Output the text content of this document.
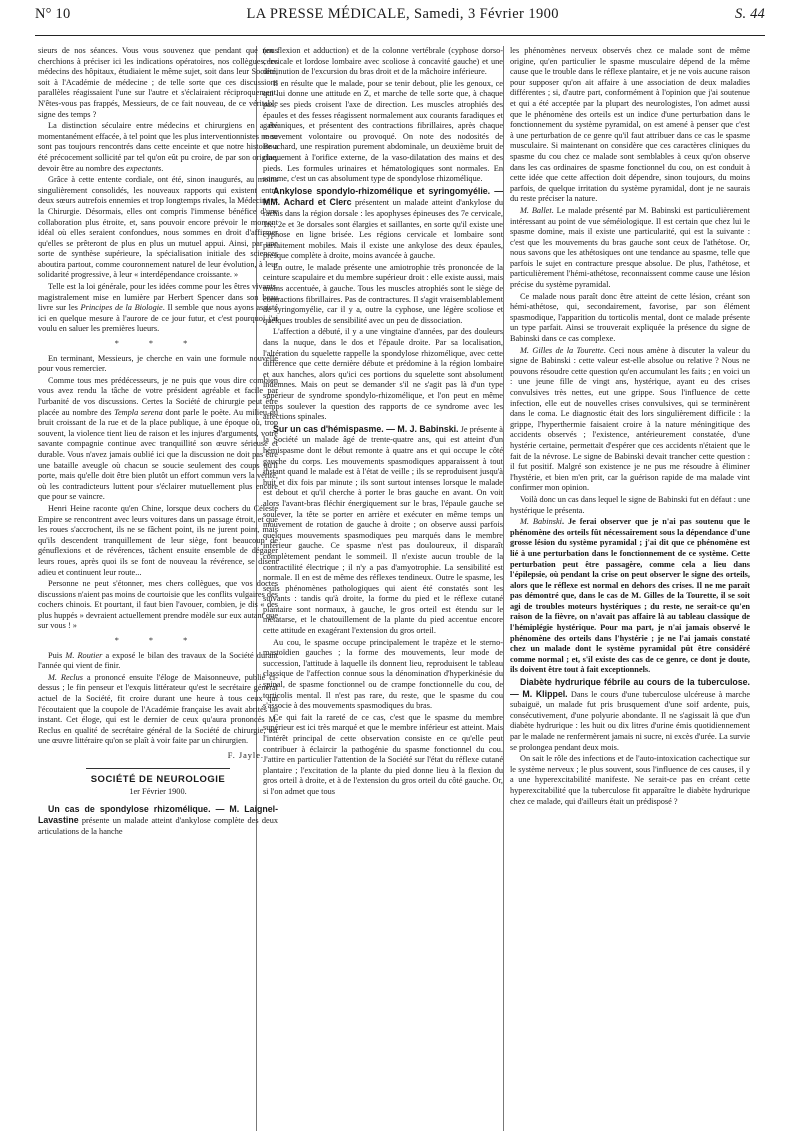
N° 10	LA PRESSE MÉDICALE, Samedi, 3 Février 1900	S. 44

sieurs de nos séances. Vous vous souvenez que pendant que nous cherchions à préciser ici les indications opératoires, nos collègues, les médecins des hôpitaux, étudiaient le même sujet, soit dans leur Société, soit à l'Académie de médecine ; de telle sorte que ces discussions parallèles réagissaient l'une sur l'autre et s'éclairaient réciproquement. N'êtes-vous pas frappés, Messieurs, de ce fait nouveau, de ce véritable signe des temps ?

La distinction séculaire entre médecins et chirurgiens en a été momentanément effacée, à tel point que les plus interventionnistes ne se sont pas toujours rencontrés dans cette enceinte et que notre histoire a été précocement sollicité par tel qu'on eût pu croire, de par son origine, devoir être au nombre des expectants.

Grâce à cette entente cordiale, ont été, sinon inaugurés, au moins singulièrement consolidés, les nouveaux rapports qui existent entre deux sœurs autrefois ennemies et trop longtemps rivales, la Médecine et la Chirurgie. Désormais, elles ont compris l'immense bénéfice d'une collaboration plus étroite, et, sans pouvoir encore prévoir le moment idéal où elles seraient confondues, nous sommes en droit d'affirmer qu'elles se prêteront de plus en plus un mutuel appui. Ainsi, par une sorte de synthèse supérieure, la spécialisation initiale des sciences aboutira partout, comme couronnement naturel de leur évolution, à leur solidarité progressive, à leur « interdépendance croissante. »

Telle est la loi générale, pour les idées comme pour les êtres vivants, magistralement mise en lumière par Herbert Spencer dans son beau livre sur les Principes de la Biologie. Il semble que nous ayons assisté ici en quelque mesure à l'aurore de ce jour futur, et c'est pourquoi j'ai voulu en saluer les premières lueurs.

* * *

En terminant, Messieurs, je cherche en vain une formule nouvelle pour vous remercier.

Comme tous mes prédécesseurs, je ne puis que vous dire combien vous avez rendu la tâche de votre président agréable et facile par l'urbanité de vos discussions. Certes la Société de chirurgie peut être placée au nombre des Templa serena dont parle le poète. Au milieu du bruit croissant de la rue et de la place publique, à une époque où, trop souvent, la violence tient lieu de raison et les injures d'arguments, votre savante compagnie continue avec tranquillité son œuvre sérieuse et durable. Vous n'avez jamais oublié ici que la discussion ne doit pas être une bataille aveugle où chacun se soucie seulement des coups qu'il porte, mais qu'elle doit être bien plutôt un effort commun vers la vérité, où les contradicteurs luttent pour s'éclairer mutuellement plus encore que pour se vaincre.

Henri Heine raconte qu'en Chine, lorsque deux cochers du Céleste Empire se rencontrent avec leurs voitures dans un passage étroit, et que les roues s'accrochent, ils ne se fâchent point, ils ne jurent point, mais qu'ils descendent tranquillement de leur siège, font beaucoup de génuflexions et de révérences, tâchent ensuite ensemble de dégager leurs roues, après quoi ils se font de nouveau la révérence, se disent adieu et continuent leur route...

Personne ne peut s'étonner, mes chers collègues, que vos doctes discussions n'aient pas moins de courtoisie que les conflits vulgaires des cochers chinois. Et pourtant, il faut bien l'avouer, combien, je dis « des plus huppés » devraient actuellement prendre modèle sur eux autant que sur vous ! »

* * *

Puis M. Routier a exposé le bilan des travaux de la Société durant l'année qui vient de finir.

M. Reclus a prononcé ensuite l'éloge de Maisonneuve, publié ci-dessus ; le fin penseur et l'exquis littérateur qu'est le secrétaire général actuel de la Société, fit croire durant une heure à tous ceux qui l'écoutaient que la coupole de l'Académie française les avait abrités un instant. Cet éloge, qui est le dernier de ceux qu'aura prononcés M. Reclus en qualité de secrétaire général de la Société de chirurgie, est une œuvre littéraire qu'on se plaît à voir faite par un chirurgien.

F. Jayle.
SOCIÉTÉ DE NEUROLOGIE
1er Février 1900.

Un cas de spondylose rhizomélique. — M. Laignel-Lavastine présente un malade atteint d'ankylose complète des deux articulations de la hanche

(en flexion et adduction) et de la colonne vertébrale (cyphose dorso-cervicale et lordose lombaire avec scoliose à concavité gauche) et une diminution de l'excursion du bras droit et de la mâchoire inférieure.

Il en résulte que le malade, pour se tenir debout, plie les genoux, ce qui lui donne une attitude en Z, et marche de telle sorte que, à chaque pas, ses pieds croisent l'axe de direction. Les muscles atrophiés des épaules et des fesses réagissent normalement aux courants faradiques et galvaniques, et présentent des contractions fibrillaires, après chaque mouvement volontaire ou provoqué. On note des nodosités de Bouchard, une respiration purement abdominale, un deuxième bruit de claquement à l'orifice externe, de la vaso-dilatation des mains et des pieds. Les formules urinaires et hématologiques sont normales. En somme, c'est un cas absolument type de spondylose rhizomélique.

Ankylose spondylo-rhizomélique et syringomyélie. — MM. Achard et Clerc présentent un malade atteint d'ankylose du rachis dans la région dorsale : les apophyses épineuses des 7e cervicale, 1re, 2e et 3e dorsales sont élargies et saillantes, en sorte qu'il existe une cyphose en ligne brisée. Les régions cervicale et lombaire sont parfaitement mobiles. Mais il existe une ankylose des deux épaules, presque complète à droite, moins avancée à gauche.

En outre, le malade présente une amiotrophie très prononcée de la ceinture scapulaire et du membre supérieur droit : elle existe aussi, mais moins accentuée, à gauche. Tous les muscles atrophiés sont le siège de contractions fibrillaires. Pas de contractures. Il s'agit vraisemblablement de syringomyélie, car il y a, outre la cyphose, une légère scoliose et quelques troubles de sensibilité avec un peu de dissociation.

L'affection a débuté, il y a une vingtaine d'années, par des douleurs dans la nuque, dans le dos et l'épaule droite. Par sa localisation, l'altération du squelette rappelle la spondylose rhizomélique, avec cette différence que cette dernière débute et prédomine à la région lombaire et aux hanches, alors qu'ici ces portions du squelette sont absolument indemnes. Mais on peut se demander s'il ne s'agit pas là d'un type supérieur de syndrome spondylo-rhizomélique, et l'on peut en même temps soulever la question des rapports de ce syndrome avec les affections spinales.

Sur un cas d'hémispasme. — M. J. Babinski. Je présente à la Société un malade âgé de trente-quatre ans, qui est atteint d'un hémispasme dont le début remonte à quatre ans et qui occupe le côté gauche du corps. Les mouvements spasmodiques apparaissent à tout instant quand le malade est à l'état de veille ; ils se reproduisent jusqu'à huit et dix fois par minute ; ils sont surtout intenses lorsque le malade est debout et qu'il cherche à porter le bras gauche en avant. On voit alors l'avant-bras fléchir énergiquement sur le bras, l'épaule gauche se soulever, la tête se porter en arrière et exécuter en même temps un mouvement de rotation de gauche à droite ; on observe aussi parfois quelques mouvements spasmodiques peu marqués dans le membre inférieur gauche. Ce spasme n'est pas douloureux, il disparaît complètement pendant le sommeil. Il n'existe aucun trouble de la contractilité électrique ; il n'y a pas d'amyotrophie. La sensibilité est normale. Il en est de même des réflexes tendineux. Outre le spasme, les seuls phénomènes pathologiques qui aient été constatés sont les suivants : tandis qu'à droite, la forme du pied et le réflexe cutané plantaire sont normaux, à gauche, le gros orteil est étendu sur le métatarse, et le chatouillement de la plante du pied accentue encore cette attitude en exagérant l'extension du gros orteil.

Au cou, le spasme occupe principalement le trapèze et le sterno-mastoïdien gauches ; la forme des mouvements, leur mode de succession, l'attitude à laquelle ils donnent lieu, reproduisent le tableau classique de l'affection connue sous la dénomination d'hyperkinésie du spinal, de spasme fonctionnel ou de crampe fonctionnelle du cou, de torticolis mental. Il n'est pas rare, du reste, que le spasme du cou s'associe à des mouvements spasmodiques du bras.

Ce qui fait la rareté de ce cas, c'est que le spasme du membre supérieur est ici très marqué et que le membre inférieur est atteint. Mais l'intérêt principal de cette observation consiste en ce qu'elle peut contribuer à éclaircir la pathogénie du spasme fonctionnel du cou. J'attire en particulier l'attention de la Société sur l'état du réflexe cutané plantaire ; l'excitation de la plante du pied donne lieu à la flexion du gros orteil à droite, et à de l'extension du gros orteil du côté gauche. Or, si l'on admet que tous

les phénomènes nerveux observés chez ce malade sont de même origine, qu'en particulier le spasme musculaire dépend de la même cause que le trouble dans le réflexe plantaire, et je ne vois aucune raison pour supposer qu'on ait affaire à une association de deux maladies différentes ; si, d'autre part, conformément à l'opinion que j'ai soutenue et qui a été acceptée par la plupart des neurologistes, l'on admet aussi que le phénomène des orteils est un indice d'une perturbation dans le fonctionnement du système pyramidal, on est amené à penser que c'est à une perturbation de ce genre qu'il faut attribuer dans ce cas le spasme musculaire. Si maintenant on considère que ces caractères cliniques du spasme du cou chez ce malade sont semblables à ceux qu'on observe dans les cas ordinaires de spasme fonctionnel du cou, on est conduit à cette idée que cette affection doit dépendre, sinon toujours, du moins parfois, de quelque irritation du système pyramidal, dont je ne saurais du reste préciser la nature.

M. Ballet. Le malade présenté par M. Babinski est particulièrement intéressant au point de vue séméiologique. Il est certain que chez lui le spasme domine, mais il existe une particularité, qui est la suivante : c'est que les mouvements du bras gauche sont ceux de l'athétose. Or, nous savons que les athétosiques ont une tendance au spasme, telle que parfois le sujet en contracture presque absolue. De plus, l'athétose, et particulièrement l'hémi-athétose, reconnaissent comme cause une lésion précise du système pyramidal.

Ce malade nous paraît donc être atteint de cette lésion, créant son hémi-athétose, qui, secondairement, favorise, par son élément spasmodique, l'apparition du torticolis mental, dont ce malade présente un type parfait. Ainsi se trouverait expliquée la présence du signe de Babinski dans ce cas complexe.

M. Gilles de la Tourette. Ceci nous amène à discuter la valeur du signe de Babinski : cette valeur est-elle absolue ou relative ? Nous ne pouvons résoudre cette question qu'en accumulant les faits ; en voici un : une jeune fille de vingt ans, hystérique, ayant eu des crises convulsives très nettes, eut une grippe. Sous l'influence de cette infection, elle eut de nouvelles crises convulsives, qui se terminèrent dans le coma. Le diagnostic était des lors singulièrement difficile : la grippe, l'hyperthermie faisaient croire à la nature méningitique des accidents observés ; l'existence, antérieurement constatée, d'une hystérie certaine, permettait d'espérer que ces accidents n'étaient que le fait de la névrose. Le signe de Babinski devait trancher cette question : il fut positif. Malgré son existence je ne pus me résoudre à éliminer l'hystérie, et bien m'en prit, car la guérison rapide de ma malade vint confirmer mon opinion.

Voilà donc un cas dans lequel le signe de Babinski fut en défaut : une hystérique le présenta.

M. Babinski. Je ferai observer que je n'ai pas soutenu que le phénomène des orteils fût nécessairement sous la dépendance d'une grosse lésion du système pyramidal ; j'ai dit que ce phénomène est lié à une perturbation dans le fonctionnement de ce système. Cette perturbation peut être passagère, comme cela a lieu dans l'épilepsie, où pendant la crise on peut observer le signe des orteils, alors que le réflexe est normal en dehors des crises. Il ne me paraît pas démontré que, dans le cas de M. Gilles de la Tourette, il se soit agi de troubles moteurs hystériques ; du reste, ne serait-ce qu'en raison de la fièvre, on n'avait pas affaire là au tableau classique de l'hémiplégie hystérique. Pour ma part, je n'ai jamais observé le phénomène des orteils dans l'hystérie ; je ne l'ai jamais constaté chez un malade dont le système pyramidal pût être considéré comme normal ; et, s'il existe des cas de ce genre, ce dont je doute, ils doivent être tout à fait exceptionnels.

Diabète hydrurique fébrile au cours de la tuberculose. — M. Klippel. Dans le cours d'une tuberculose ulcéreuse à marche subaiguë, un malade fut pris brusquement d'une soif ardente, puis, consécutivement, d'une polyurie abondante. Il ne s'agissait là que d'un diabète hydrurique : les huit ou dix litres d'urine émis quotidiennement par le malade ne renfermèrent jamais ni sucre, ni excès d'urée. La survie se prolongea pendant deux mois.

On sait le rôle des infections et de l'auto-intoxication cachectique sur le système nerveux ; le plus souvent, sous l'influence de ces causes, il y a une hyperexcitabilité manifeste. Ne serait-ce pas en créant cette hyperexcitabilité que la tuberculose fit apparaître le diabète hydrurique chez ce malade, qui d'ailleurs était un prédisposé ?
